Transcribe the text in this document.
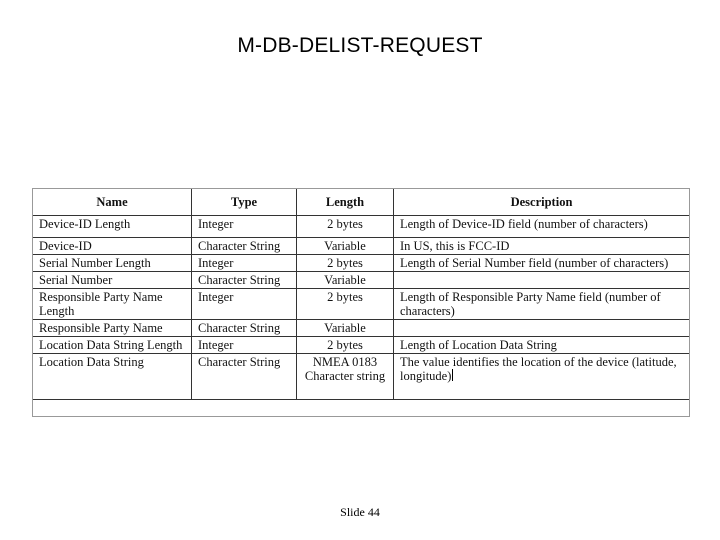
M-DB-DELIST-REQUEST
Name	Type	Length	Description
Device-ID Length	Integer	2 bytes	Length of Device-ID field (number of characters)
Device-ID	Character String	Variable	In US, this is FCC-ID
Serial Number Length	Integer	2 bytes	Length of Serial Number field (number of characters)
Serial Number	Character String	Variable	
Responsible Party Name Length	Integer	2 bytes	Length of Responsible Party Name field (number of characters)
Responsible Party Name	Character String	Variable	
Location Data String Length	Integer	2 bytes	Length of Location Data String
Location Data String	Character String	NMEA 0183 Character string	The value identifies the location of the device (latitude, longitude)
Slide 44
